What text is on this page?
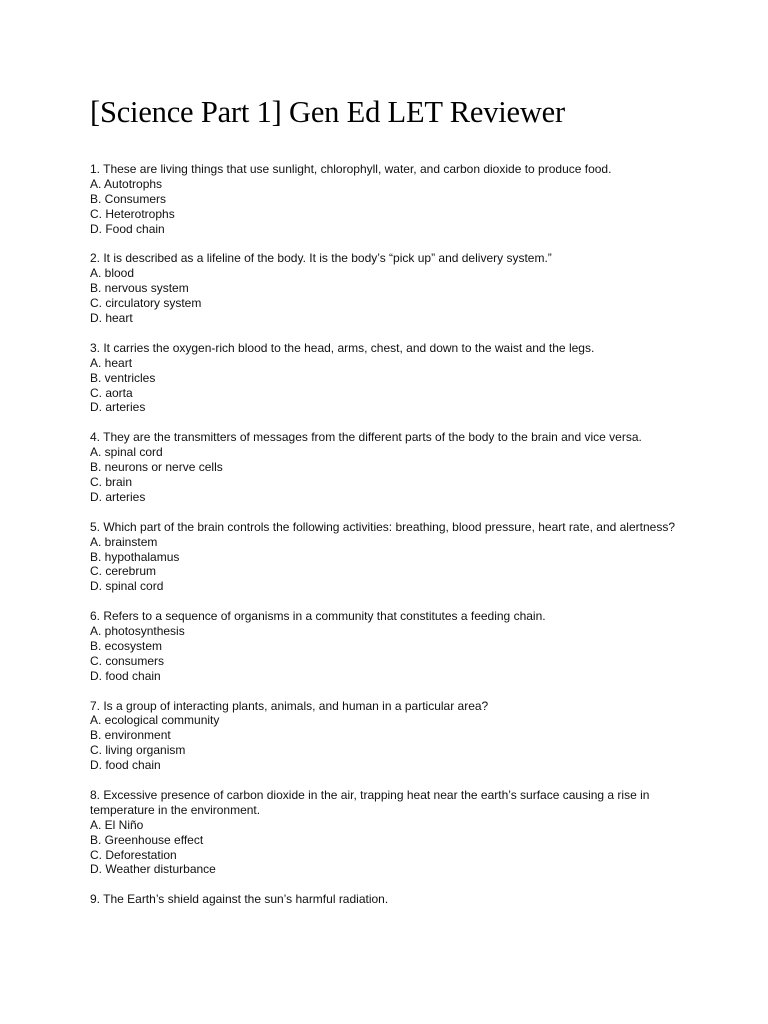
[Science Part 1] Gen Ed LET Reviewer
1. These are living things that use sunlight, chlorophyll, water, and carbon dioxide to produce food.
A. Autotrophs
B. Consumers
C. Heterotrophs
D. Food chain
2. It is described as a lifeline of the body. It is the body’s “pick up” and delivery system.”
A. blood
B. nervous system
C. circulatory system
D. heart
3. It carries the oxygen-rich blood to the head, arms, chest, and down to the waist and the legs.
A. heart
B. ventricles
C. aorta
D. arteries
4. They are the transmitters of messages from the different parts of the body to the brain and vice versa.
A. spinal cord
B. neurons or nerve cells
C. brain
D. arteries
5. Which part of the brain controls the following activities: breathing, blood pressure, heart rate, and alertness?
A. brainstem
B. hypothalamus
C. cerebrum
D. spinal cord
6. Refers to a sequence of organisms in a community that constitutes a feeding chain.
A. photosynthesis
B. ecosystem
C. consumers
D. food chain
7. Is a group of interacting plants, animals, and human in a particular area?
A. ecological community
B. environment
C. living organism
D. food chain
8. Excessive presence of carbon dioxide in the air, trapping heat near the earth’s surface causing a rise in temperature in the environment.
A. El Niño
B. Greenhouse effect
C. Deforestation
D. Weather disturbance
9. The Earth’s shield against the sun’s harmful radiation.
